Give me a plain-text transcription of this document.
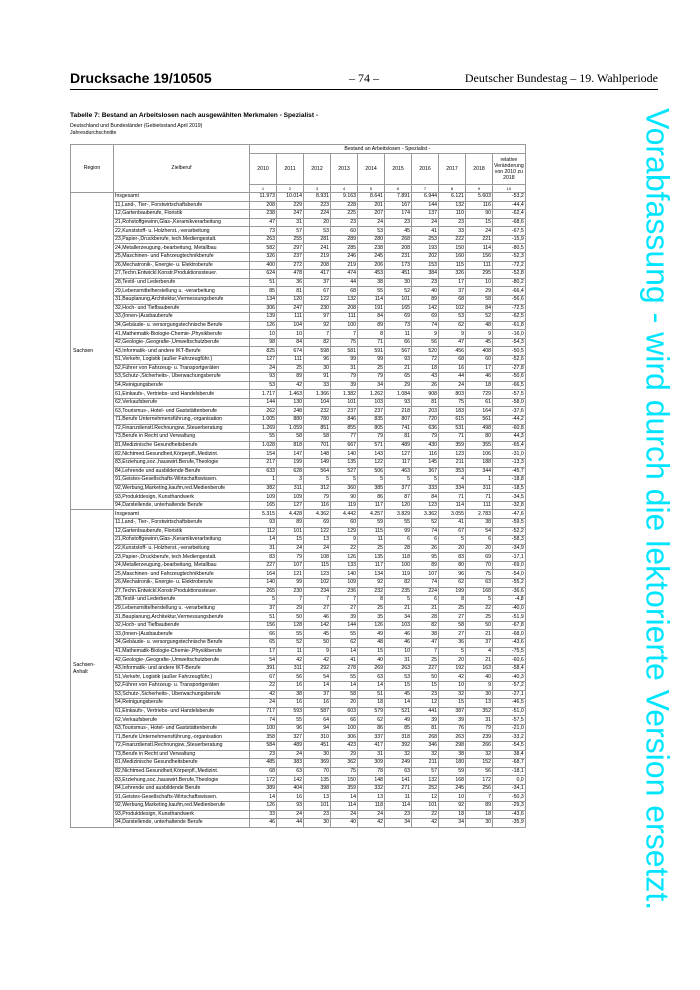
Drucksache 19/10505	– 74 –	Deutscher Bundestag – 19. Wahlperiode
Vorabfassung - wird durch die lektorierte Version ersetzt.
Tabelle 7: Bestand an Arbeitslosen nach ausgewählten Merkmalen - Spezialist -
Deutschland und Bundesländer (Gebietsstand April 2019)
Jahresdurchschnitte
Region	Zielberuf	Bestand an Arbeitslosen - Spezialist -									
		2010	2011	2012	2013	2014	2015	2016	2017	2018	relative Veränderung von 2010 zu 2018
		1	2	3	4	5	6	7	8	9	10
Sachsen	Insgesamt	11.973	10.014	8.931	9.163	8.641	7.891	6.944	6.121	5.603	-53,2
	11,Land-, Tier-, Forstwirtschaftsberufe	208	229	223	228	201	167	144	132	116	-44,4
	12,Gartenbauberufe, Floristik	238	247	224	225	207	174	137	110	90	-62,4
	21,Rohstoffgewinn,Glas-,Keramikverarbeitung	47	31	20	23	24	23	24	23	15	-68,6
	22,Kunststoff- u. Holzherst.,-verarbeitung	73	57	53	60	53	45	41	33	24	-67,5
	23,Papier-,Druckberufe, tech.Mediengestalt.	263	255	281	289	280	268	253	222	221	-15,9
	24,Metallerzeugung,-bearbeitung, Metallbau	582	297	241	285	238	208	193	150	114	-80,5
	25,Maschinen- und Fahrzeugtechnikberufe	326	237	219	246	245	231	202	160	156	-52,3
	26,Mechatronik-, Energie- u. Elektroberufe	400	272	208	219	206	173	153	115	111	-72,2
	27,Techn.Entwickl.Konstr.Produktionssteuer.	624	478	417	474	453	451	384	326	295	-52,8
	28,Textil- und Lederberufe	51	36	37	44	38	30	23	17	10	-80,2
	29,Lebensmittelherstellung u. -verarbeitung	85	81	67	68	55	52	40	37	29	-66,4
	31,Bauplanung,Architektur,Vermessungsberufe	134	120	122	132	114	101	89	68	58	-56,6
	32,Hoch- und Tiefbauberufe	306	247	230	208	191	165	142	102	84	-72,5
	33,(Innen-)Ausbauberufe	139	111	97	111	84	69	69	53	52	-62,5
	34,Gebäude- u. versorgungstechnische Berufe	126	104	92	100	89	73	74	62	48	-61,8
	41,Mathematik-Biologie-Chemie-,Physikberufe	10	10	7	7	8	11	9	9	9	-16,0
	42,Geologie-,Geografie-,Umweltschutzberufe	98	84	82	75	71	66	56	47	45	-54,3
	43,Informatik- und andere IKT-Berufe	825	674	598	581	591	567	520	456	408	-50,5
	51,Verkehr, Logistik (außer Fahrzeugführ.)	127	111	96	99	99	93	72	68	60	-52,6
	52,Führer von Fahrzeug- u. Transportgeräten	24	25	30	31	25	21	18	16	17	-27,8
	53,Schutz-,Sicherheits-, Überwachungsberufe	93	89	91	79	79	65	43	44	46	-50,6
	54,Reinigungsberufe	53	42	33	39	34	29	26	24	18	-66,5
	61,Einkaufs-, Vertriebs- und Handelsberufe	1.717	1.463	1.366	1.382	1.262	1.084	908	803	729	-57,5
	62,Verkaufsberufe	144	130	104	101	103	93	81	75	61	-58,0
	63,Tourismus-, Hotel- und Gaststättenberufe	262	248	232	237	237	218	203	183	164	-37,6
	71,Berufe Unternehmensführung,-organisation	1.005	880	780	846	835	807	720	615	561	-44,2
	72,Finanzdienstl.Rechnungsw.,Steuerberatung	1.269	1.059	851	855	805	741	636	531	498	-60,8
	73,Berufe in Recht und Verwaltung	55	58	58	77	79	81	79	71	80	44,3
	81,Medizinische Gesundheitsberufe	1.028	818	701	667	571	489	430	359	355	-65,4
	82,Nichtmed.Gesundheit,Körperpfl.,Medizint.	154	147	148	140	143	127	116	123	106	-31,0
	83,Erziehung,soz.,hauswirt.Berufe,Theologie	217	199	149	135	122	117	145	211	188	-13,3
	84,Lehrende und ausbildende Berufe	633	628	564	527	506	463	367	353	344	-45,7
	91,Geistes-Gesellschafts-Wirtschaftswissen.	1	3	5	5	5	5	5	4	1	-18,8
	92,Werbung,Marketing,kaufm,red.Medienberufe	382	311	312	360	385	377	333	334	311	-18,5
	93,Produktdesign, Kunsthandwerk	109	109	79	90	86	87	84	71	71	-34,5
	94,Darstellende, unterhaltende Berufe	165	127	116	119	117	120	123	114	111	-32,8

Sachsen-
Anhalt	Insgesamt	5.315	4.428	4.362	4.442	4.257	3.829	3.362	3.055	2.783	-47,6
	11,Land-, Tier-, Forstwirtschaftsberufe	93	89	69	60	59	55	52	41	38	-59,5
	12,Gartenbauberufe, Floristik	112	101	122	129	115	99	74	67	54	-52,2
	21,Rohstoffgewinn,Glas-,Keramikverarbeitung	14	15	13	9	11	6	6	5	6	-58,3
	22,Kunststoff- u. Holzherst.,-verarbeitung	31	24	24	22	25	28	26	20	20	-34,9
	23,Papier-,Druckberufe, tech.Mediengestalt.	83	79	108	126	135	118	95	83	69	-17,1
	24,Metallerzeugung,-bearbeitung, Metallbau	227	107	115	133	117	100	89	80	70	-69,0
	25,Maschinen- und Fahrzeugtechnikberufe	164	121	123	140	134	119	107	96	75	-54,0
	26,Mechatronik-, Energie- u. Elektroberufe	140	99	102	109	92	82	74	62	63	-55,2
	27,Techn.Entwickl.Konstr.Produktionssteuer.	265	230	234	236	232	235	224	199	168	-36,6
	28,Textil- und Lederberufe	5	7	7	7	8	5	6	8	5	-4,8
	29,Lebensmittelherstellung u. -verarbeitung	37	29	27	27	25	21	21	25	22	-40,0
	31,Bauplanung,Architektur,Vermessungsberufe	51	50	46	39	35	34	28	27	25	-51,9
	32,Hoch- und Tiefbauberufe	156	128	142	144	126	103	82	58	50	-67,8
	33,(Innen-)Ausbauberufe	66	55	45	55	49	46	38	27	21	-68,0
	34,Gebäude- u. versorgungstechnische Berufe	65	52	50	62	48	46	47	36	37	-43,6
	41,Mathematik-Biologie-Chemie-,Physikberufe	17	11	9	14	15	10	7	5	4	-75,5
	42,Geologie-,Geografie-,Umweltschutzberufe	54	42	42	41	40	31	25	20	21	-60,6
	43,Informatik- und andere IKT-Berufe	391	311	292	278	269	263	227	192	163	-58,4
	51,Verkehr, Logistik (außer Fahrzeugführ.)	67	56	54	55	63	53	50	42	40	-40,3
	52,Führer von Fahrzeug- u. Transportgeräten	22	16	14	14	14	15	15	10	9	-57,2
	53,Schutz-,Sicherheits-, Überwachungsberufe	42	38	37	58	51	45	23	32	30	-27,1
	54,Reinigungsberufe	24	16	16	20	18	14	12	15	13	-46,5
	61,Einkaufs-, Vertriebs- und Handelsberufe	717	593	587	603	579	521	441	387	352	-51,0
	62,Verkaufsberufe	74	55	64	66	62	49	39	39	31	-57,5
	63,Tourismus-, Hotel- und Gaststättenberufe	100	96	94	100	86	85	81	76	79	-21,0
	71,Berufe Unternehmensführung,-organisation	358	327	310	306	337	318	268	263	239	-33,2
	72,Finanzdienstl.Rechnungsw.,Steuerberatung	584	489	451	423	417	392	346	298	266	-54,5
	73,Berufe in Recht und Verwaltung	23	24	30	29	31	32	32	38	32	38,4
	81,Medizinische Gesundheitsberufe	485	383	369	362	309	249	211	180	152	-68,7
	82,Nichtmed.Gesundheit,Körperpfl.,Medizint.	68	63	70	75	78	63	57	59	56	-18,1
	83,Erziehung,soz.,hauswirt.Berufe,Theologie	172	142	135	150	148	141	132	168	172	0,0
	84,Lehrende und ausbildende Berufe	389	404	398	359	332	271	252	245	256	-34,1
	91,Geistes-Gesellschafts-Wirtschaftswissen.	14	16	13	14	13	11	12	10	7	-50,3
	92,Werbung,Marketing,kaufm,red.Medienberufe	126	93	101	114	118	114	101	92	89	-29,3
	93,Produktdesign, Kunsthandwerk	33	24	23	24	24	23	22	18	18	-43,6
	94,Darstellende, unterhaltende Berufe	46	44	30	40	42	34	42	34	30	-35,9
